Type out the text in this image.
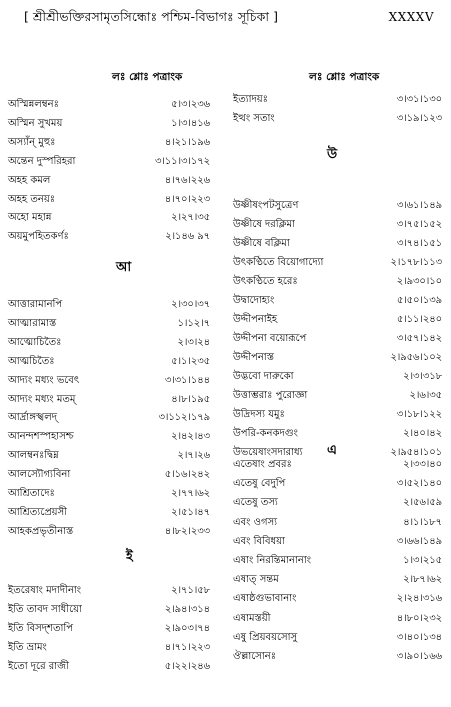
[ শ্রীশ্রীভক্তিরসামৃতসিন্ধোঃ পশ্চিম-বিভাগঃ সূচিকা ]	XXXXV
লঃ শ্লোঃ পত্রাংক
অস্মিন্নলম্বনঃ	৫।৩।২৩৬
অস্মিন সুখময়	১।৩।৪১৬
অস্যাঁন্ মুহুঃ	৪।২১।১৯৬
অন্তেন দুস্পরিহরা	৩।১১।৩।১৭২
অহহ কমল	৪।৭৬।২২৬
অহহ তনয়ঃ	৪।৭০।২২৩
অহো মহান্ন	২।২৭।৩৫
অয়মুপহিতকর্ণঃ	২।১৪৬ ৯৭
আ
আত্তারামানপি	২।৩০।৩৭
আত্মারামাস্ত	১।১২।৭
আত্মোচিতৈঃ	২।৩।২৪
আত্মচিতৈঃ	৫।১।২৩৫
আদ্যং মধ্যং ভবেৎ	৩।৩১।১৪৪
আদ্যং মধ্যং মতম্	৪।৮।১৯৫
আর্দ্রাঙ্গস্খলদ্	৩।১১২।১৭৯
আনন্দশস্পহাসশ্চ	২।৪২।৪৩
আলম্বনঃদ্বিম্ন	২।৭।২৬
আলস্যৌগ্যবিনা	৫।১৬।২৪২
আশ্রিতাদেঃ	২।৭৭।৬২
আশ্রিত্যপ্রেয়সী	২।৫১।৪৭
আহকপ্রভৃতীনাস্ত	৪।৮২।২৩৩
ই
ইতরেষাং মদাদীনাং	২।৭১।৫৮
ইতি তাবদ সাধীয়ো	২।৯৪।৩১৪
ইতি বিসদ্শতাপি	২।৯০৩।৭৪
ইতি ভ্রামং	৪।৭১।২২৩
ইতো দূরে রাজী	৫।২২।২৪৬
লঃ শ্লোঃ পত্রাংক
ইত্যাদয়ঃ	৩।৩১।১৩০
ইত্থং সতাং	৩।১৯।১২৩
উ
উষ্ণীষংপটসুত্রেণ	৩।৬১।১৪৯
উষ্ণীষে দরক্লিমা	৩।৭৫।১৫২
উষ্ণীষে বক্লিমা	৩।৭৪।১৫১
উৎকণ্ঠিতে বিয়োগাদ্যো	২।১৭৮।১১৩
উৎকণ্ঠিতে হরেঃ	২।৯৩০।১০
উদ্বাদোহ্যং	৫।৫০।১৩৯
উদ্দীপনাইহ	৫।১১।২৪০
উদ্দীপনা বয়োরূপে	৩।৫৭।১৪২
উদ্দীপনাস্ত	২।৯৫৬।১০২
উদ্ভবো দারুকো	২।৩।৩১৮
উত্তাম্ভরাঃ পুরোজ্ঞা	২।৬।৩৫
উদ্রিদস্য যমুঃ	৩।১৮।১২২
উপরি-কনকদগুং	২।৪০।৪২
উভয়েষাংসদারাধ্য	২।৯৫৪।১০১
এ
এতেষাং প্রবরঃ	২।৩৩।৪০
এতেষু বেদুপি	৩।৫২।১৪০
এতেষু তস্য	২।৫৬।৫৯
এবং ওগস্য	৪।১।১৮৭
এবং বিবিধয়া	৩।৬৬।১৪৯
এষাং নিরন্তিমানানাং	১।৩।২১৫
এষাত্ সন্তম	২।৮৭।৬২
এষাষ্ঠগুভাবানাং	২।২৪।৩১৬
এষামস্তয়ী	৪।৮০।২৩২
এষু প্রিয়বয়সোসু	৩।৪০।১৩৪
ঔল্লাসোনঃ	৩।৯০।১৬৬
